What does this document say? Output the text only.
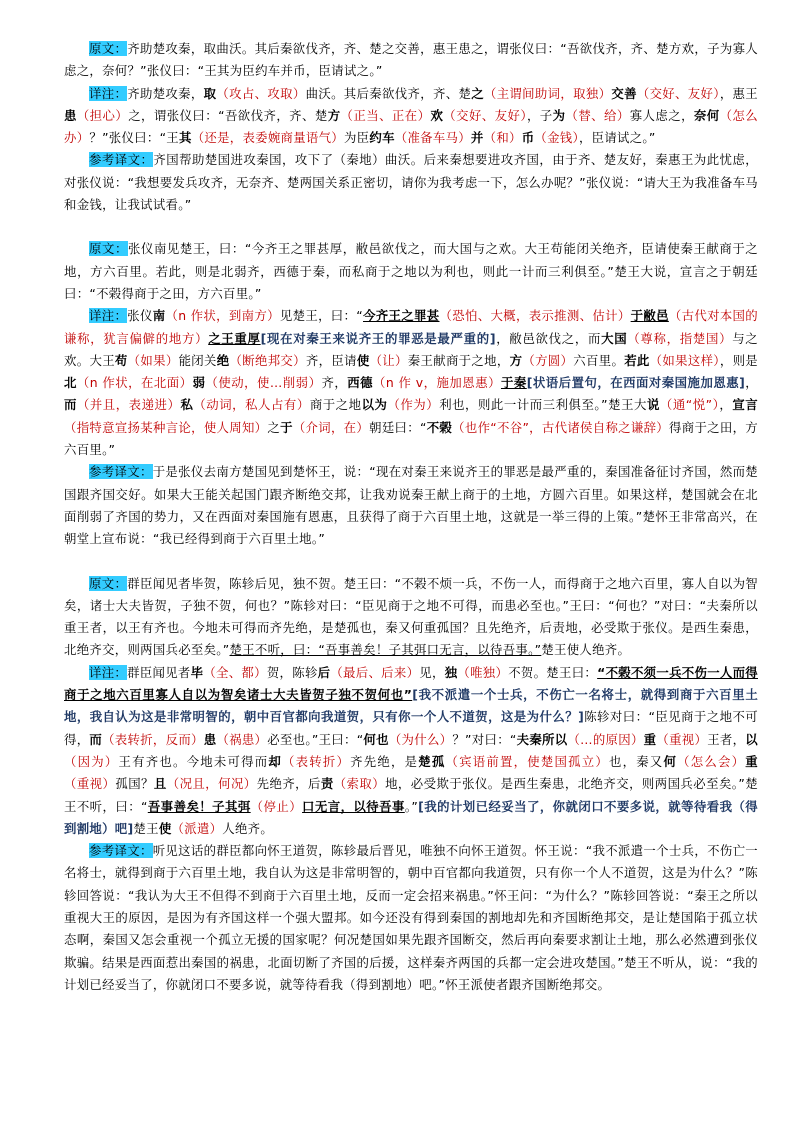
原文：齐助楚攻秦，取曲沃。其后秦欲伐齐，齐、楚之交善，惠王患之，谓张仪曰：“吾欲伐齐，齐、楚方欢，子为寡人虑之，奈何？”张仪曰：“王其为臣约车并币，臣请试之。”

详注：齐助楚攻秦，取（攻占、攻取）曲沃。其后秦欲伐齐，齐、楚之（主谓间助词，取独）交善（交好、友好），惠王患（担心）之，谓张仪曰：“吾欲伐齐，齐、楚方（正当、正在）欢（交好、友好），子为（替、给）寡人虑之，奈何（怎么办）？”张仪曰：“王其（还是，表委婉商量语气）为臣约车（准备车马）并（和）币（金钱），臣请试之。”

参考译文：齐国帮助楚国进攻秦国，攻下了（秦地）曲沃。后来秦想要进攻齐国，由于齐、楚友好，秦惠王为此忧虑，对张仪说：“我想要发兵攻齐，无奈齐、楚两国关系正密切，请你为我考虑一下，怎么办呢？”张仪说：“请大王为我准备车马和金钱，让我试试看。”

原文：张仪南见楚王，曰：“今齐王之罪甚厚，敝邑欲伐之，而大国与之欢。大王苟能闭关绝齐，臣请使秦王献商于之地，方六百里。若此，则是北弱齐，西德于秦，而私商于之地以为利也，则此一计而三利俱至。”楚王大说，宣言之于朝廷曰：“不榖得商于之田，方六百里。”

详注：张仪南（n 作状，到南方）见楚王，曰：“今齐王之罪甚（恐怕、大概，表示推测、估计）于敝邑（古代对本国的谦称，犹言偏僻的地方）之王重厚[现在对秦王来说齐王的罪恶是最严重的]，敝邑欲伐之，而大国（尊称，指楚国）与之欢。大王苟（如果）能闭关绝（断绝邦交）齐，臣请使（让）秦王献商于之地，方（方圆）六百里。若此（如果这样），则是北（n 作状，在北面）弱（使动，使…削弱）齐，西德（n 作 v，施加恩惠）于秦[状语后置句，在西面对秦国施加恩惠]，而（并且，表递进）私（动词，私人占有）商于之地以为（作为）利也，则此一计而三利俱至。”楚王大说（通“悦”），宣言（指特意宣扬某种言论，使人周知）之于（介词，在）朝廷曰：“不榖（也作“不谷”，古代诸侯自称之谦辞）得商于之田，方六百里。”

参考译文：于是张仪去南方楚国见到楚怀王，说：“现在对秦王来说齐王的罪恶是最严重的，秦国准备征讨齐国，然而楚国跟齐国交好。如果大王能关起国门跟齐断绝交邦，让我劝说秦王献上商于的土地，方圆六百里。如果这样，楚国就会在北面削弱了齐国的势力，又在西面对秦国施有恩惠，且获得了商于六百里土地，这就是一举三得的上策。”楚怀王非常高兴，在朝堂上宣布说：“我已经得到商于六百里土地。”

原文：群臣闻见者毕贺，陈轸后见，独不贺。楚王曰：“不榖不烦一兵，不伤一人，而得商于之地六百里，寡人自以为智矣，诸士大夫皆贺，子独不贺，何也？”陈轸对曰：“臣见商于之地不可得，而患必至也。”王曰：“何也？”对曰：“夫秦所以重王者，以王有齐也。今地未可得而齐先绝，是楚孤也，秦又何重孤国？且先绝齐，后责地，必受欺于张仪。是西生秦患，北绝齐交，则两国兵必至矣。”楚王不听，曰：“吾事善矣！子其弭口无言，以待吾事。”楚王使人绝齐。

详注：群臣闻见者毕（全、都）贺，陈轸后（最后、后来）见，独（唯独）不贺。楚王曰：“不榖不须一兵不伤一人而得商于之地六百里寡人自以为智矣诸士大夫皆贺子独不贺何也”[我不派遣一个士兵，不伤亡一名将士，就得到商于六百里土地，我自认为这是非常明智的，朝中百官都向我道贺，只有你一个人不道贺，这是为什么？]陈轸对曰：“臣见商于之地不可得，而（表转折，反而）患（祸患）必至也。”王曰：“何也（为什么）？”对曰：“夫秦所以（…的原因）重（重视）王者，以（因为）王有齐也。今地未可得而却（表转折）齐先绝，是楚孤（宾语前置，使楚国孤立）也，秦又何（怎么会）重（重视）孤国？且（况且，何况）先绝齐，后责（索取）地，必受欺于张仪。是西生秦患，北绝齐交，则两国兵必至矣。”楚王不听，曰：“吾事善矣！子其弭（停止）口无言，以待吾事。”[我的计划已经妥当了，你就闭口不要多说，就等待看我（得到割地）吧]楚王使（派遣）人绝齐。

参考译文：听见这话的群臣都向怀王道贺，陈轸最后晋见，唯独不向怀王道贺。怀王说：“我不派遣一个士兵，不伤亡一名将士，就得到商于六百里土地，我自认为这是非常明智的，朝中百官都向我道贺，只有你一个人不道贺，这是为什么？”陈轸回答说：“我认为大王不但得不到商于六百里土地，反而一定会招来祸患。”怀王问：“为什么？”陈轸回答说：“秦王之所以重视大王的原因，是因为有齐国这样一个强大盟邦。如今还没有得到秦国的割地却先和齐国断绝邦交，是让楚国陷于孤立状态啊，秦国又怎会重视一个孤立无援的国家呢？何况楚国如果先跟齐国断交，然后再向秦要求割让土地，那么必然遭到张仪欺骗。结果是西面惹出秦国的祸患，北面切断了齐国的后援，这样秦齐两国的兵都一定会进攻楚国。”楚王不听从，说：“我的计划已经妥当了，你就闭口不要多说，就等待看我（得到割地）吧。”怀王派使者跟齐国断绝邦交。
